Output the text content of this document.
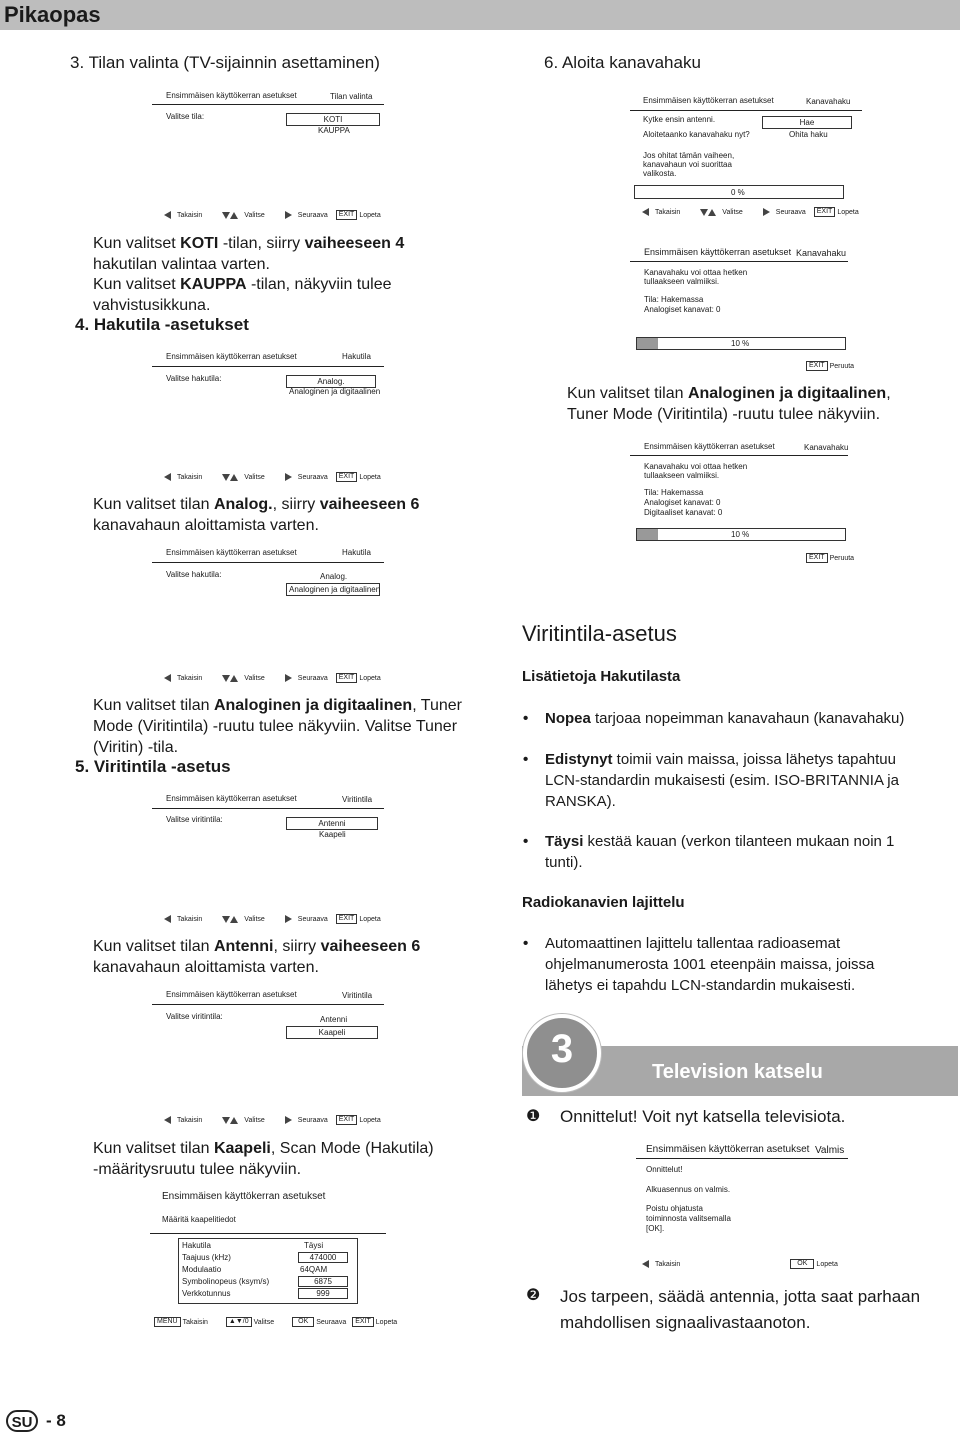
Pikaopas
3. Tilan valinta (TV-sijainnin asettaminen)
Ensimmäisen käyttökerran asetukset	Tilan valinta
Valitse tila:	KOTI
KAUPPA
Takaisin	Valitse	Seuraava	EXIT Lopeta
Kun valitset KOTI -tilan, siirry vaiheeseen 4
hakutilan valintaa varten.
Kun valitset KAUPPA -tilan, näkyviin tulee
vahvistusikkuna.
4. Hakutila -asetukset
Ensimmäisen käyttökerran asetukset	Hakutila
Valitse hakutila:	Analog.
Analoginen ja digitaalinen
Takaisin	Valitse	Seuraava	EXIT Lopeta
Kun valitset tilan Analog., siirry vaiheeseen 6
kanavahaun aloittamista varten.
Ensimmäisen käyttökerran asetukset	Hakutila
Valitse hakutila:	Analog.
Analoginen ja digitaalinen
Takaisin	Valitse	Seuraava	EXIT Lopeta
Kun valitset tilan Analoginen ja digitaalinen, Tuner
Mode (Viritintila) -ruutu tulee näkyviin. Valitse Tuner
(Viritin) -tila.
5. Viritintila -asetus
Ensimmäisen käyttökerran asetukset	Viritintila
Valitse viritintila:	Antenni
Kaapeli
Takaisin	Valitse	Seuraava	EXIT Lopeta
Kun valitset tilan Antenni, siirry vaiheeseen 6
kanavahaun aloittamista varten.
Ensimmäisen käyttökerran asetukset	Viritintila
Valitse viritintila:	Antenni
Kaapeli
Takaisin	Valitse	Seuraava	EXIT Lopeta
Kun valitset tilan Kaapeli, Scan Mode (Hakutila)
-määritysruutu tulee näkyviin.
Ensimmäisen käyttökerran asetukset
Määritä kaapelitiedot
Hakutila	Täysi
Taajuus (kHz)	474000
Modulaatio	64QAM
Symbolinopeus (ksym/s)	6875
Verkkotunnus	999
MENU Takaisin	▲▼/0 Valitse	OK	Seuraava	EXIT Lopeta
6. Aloita kanavahaku
Ensimmäisen käyttökerran asetukset	Kanavahaku
Kytke ensin antenni.	Hae
Aloitetaanko kanavahaku nyt?	Ohita haku
Jos ohitat tämän vaiheen,
kanavahaun voi suorittaa
valikosta.
0 %
Takaisin	Valitse	Seuraava	EXIT Lopeta
Ensimmäisen käyttökerran asetukset Kanavahaku
Kanavahaku voi ottaa hetken
tullaakseen valmiiksi.
Tila: Hakemassa
Analogiset kanavat: 0
10 %
EXIT Peruuta
Kun valitset tilan Analoginen ja digitaalinen,
Tuner Mode (Viritintila) -ruutu tulee näkyviin.
Ensimmäisen käyttökerran asetukset	Kanavahaku
Kanavahaku voi ottaa hetken
tullaakseen valmiiksi.
Tila: Hakemassa
Analogiset kanavat: 0
Digitaaliset kanavat: 0
10 %
EXIT Peruuta
Viritintila-asetus
Lisätietoja Hakutilasta
• Nopea tarjoaa nopeimman kanavahaun (kanavahaku)
• Edistynyt toimii vain maissa, joissa lähetys tapahtuu
LCN-standardin mukaisesti (esim. ISO-BRITANNIA ja
RANSKA).
• Täysi kestää kauan (verkon tilanteen mukaan noin 1
tunti).
Radiokanavien lajittelu
• Automaattinen lajittelu tallentaa radioasemat
ohjelmanumerosta 1001 eteenpäin maissa, joissa
lähetys ei tapahdu LCN-standardin mukaisesti.
3
Television katselu
❶ Onnittelut! Voit nyt katsella televisiota.
Ensimmäisen käyttökerran asetukset Valmis
Onnittelut!
Alkuasennus on valmis.
Poistu ohjatusta
toiminnosta valitsemalla
[OK].
Takaisin	OK	Lopeta
❷ Jos tarpeen, säädä antennia, jotta saat parhaan
mahdollisen signaalivastaanoton.
SU - 8
